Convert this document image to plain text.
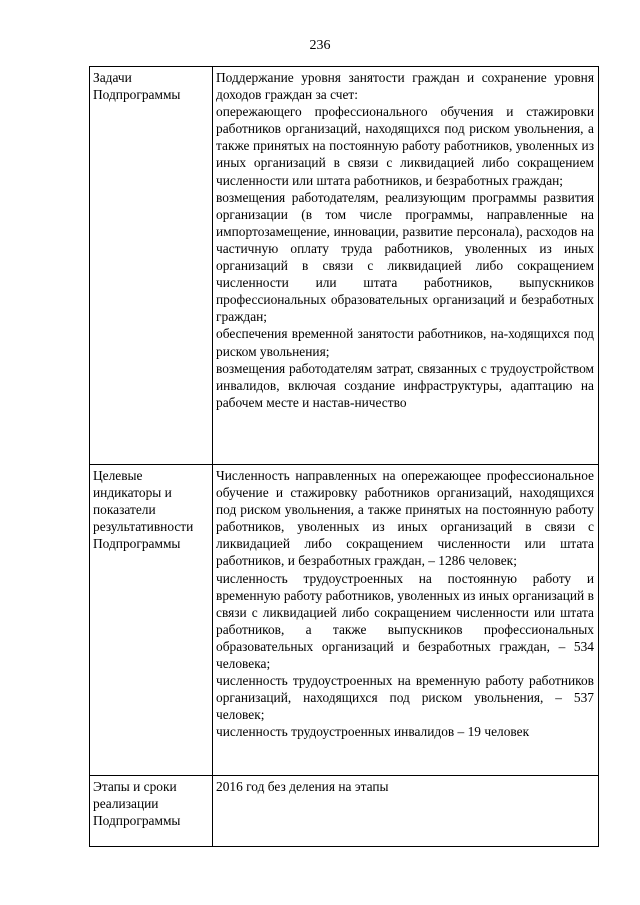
236
Задачи Подпрограммы	Поддержание уровня занятости граждан и сохранение уровня доходов граждан за счет:
опережающего профессионального обучения и стажировки работников организаций, находящихся под риском увольнения, а также принятых на постоянную работу работников, уволенных из иных организаций в связи с ликвидацией либо сокращением численности или штата работников, и безработных граждан;
возмещения работодателям, реализующим программы развития организации (в том числе программы, направленные на импортозамещение, инновации, развитие персонала), расходов на частичную оплату труда работников, уволенных из иных организаций в связи с ликвидацией либо сокращением численности или штата работников, выпускников профессиональных образовательных организаций и безработных граждан;
обеспечения временной занятости работников, на-ходящихся под риском увольнения;
возмещения работодателям затрат, связанных с трудоустройством инвалидов, включая создание инфраструктуры, адаптацию на рабочем месте и настав-ничество

Целевые индикаторы и показатели результативности Подпрограммы	Численность направленных на опережающее профессиональное обучение и стажировку работников организаций, находящихся под риском увольнения, а также принятых на постоянную работу работников, уволенных из иных организаций в связи с ликвидацией либо сокращением численности или штата работников, и безработных граждан, – 1286 человек;
численность трудоустроенных на постоянную работу и временную работу работников, уволенных из иных организаций в связи с ликвидацией либо сокращением численности или штата работников, а также выпускников профессиональных образовательных организаций и безработных граждан, – 534 человека;
численность трудоустроенных на временную работу работников организаций, находящихся под риском увольнения, – 537 человек;
численность трудоустроенных инвалидов – 19 человек

Этапы и сроки реализации Подпрограммы	2016 год без деления на этапы
